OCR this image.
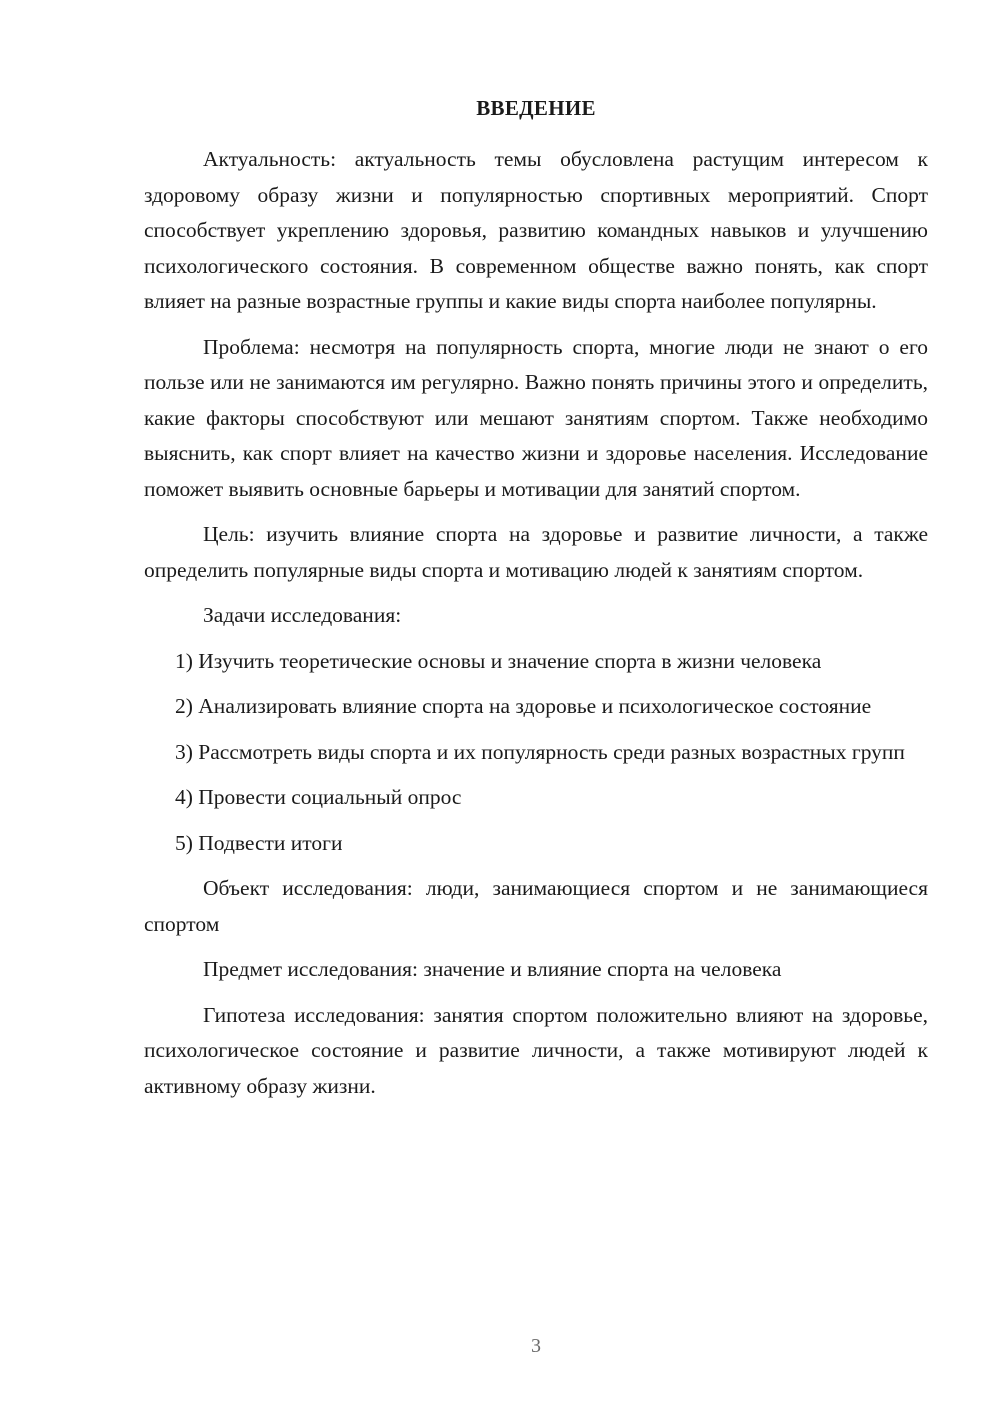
ВВЕДЕНИЕ

Актуальность: актуальность темы обусловлена растущим интересом к здоровому образу жизни и популярностью спортивных мероприятий. Спорт способствует укреплению здоровья, развитию командных навыков и улучшению психологического состояния. В современном обществе важно понять, как спорт влияет на разные возрастные группы и какие виды спорта наиболее популярны.

Проблема: несмотря на популярность спорта, многие люди не знают о его пользе или не занимаются им регулярно. Важно понять причины этого и определить, какие факторы способствуют или мешают занятиям спортом. Также необходимо выяснить, как спорт влияет на качество жизни и здоровье населения. Исследование поможет выявить основные барьеры и мотивации для занятий спортом.

Цель: изучить влияние спорта на здоровье и развитие личности, а также определить популярные виды спорта и мотивацию людей к занятиям спортом.

Задачи исследования:

1) Изучить теоретические основы и значение спорта в жизни человека

2) Анализировать влияние спорта на здоровье и психологическое состояние

3) Рассмотреть виды спорта и их популярность среди разных возрастных групп

4) Провести социальный опрос

5) Подвести итоги

Объект исследования: люди, занимающиеся спортом и не занимающиеся спортом

Предмет исследования: значение и влияние спорта на человека

Гипотеза исследования: занятия спортом положительно влияют на здоровье, психологическое состояние и развитие личности, а также мотивируют людей к активному образу жизни.

3
